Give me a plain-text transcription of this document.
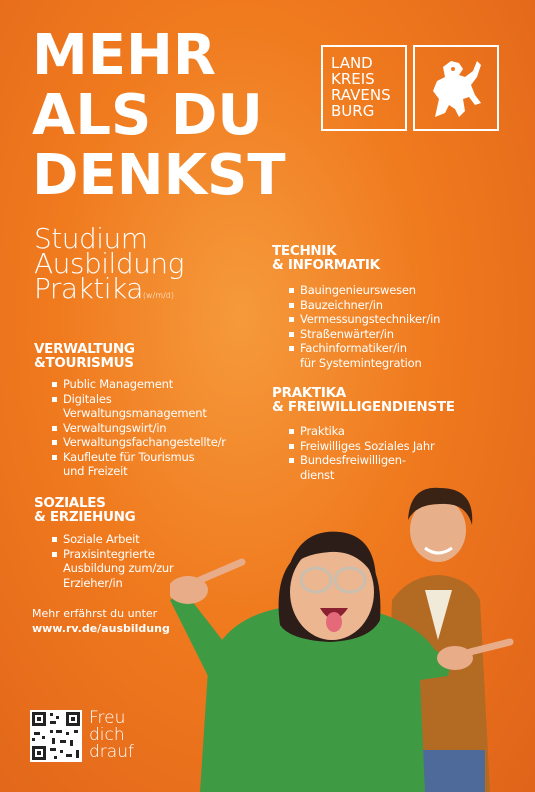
MEHR
ALS DU
DENKST
LAND
KREIS
RAVENS
BURG
Studium
Ausbildung
Praktika(w/m/d)
VERWALTUNG
&TOURISMUS
Public Management
Digitales
Verwaltungsmanagement
Verwaltungswirt/in
Verwaltungsfachangestellte/r
Kaufleute für Tourismus
und Freizeit
SOZIALES
& ERZIEHUNG
Soziale Arbeit
Praxisintegrierte
Ausbildung zum/zur
Erzieher/in
TECHNIK
& INFORMATIK
Bauingenieurswesen
Bauzeichner/in
Vermessungstechniker/in
Straßenwärter/in
Fachinformatiker/in
für Systemintegration
PRAKTIKA
& FREIWILLIGENDIENSTE
Praktika
Freiwilliges Soziales Jahr
Bundesfreiwilligen-
dienst
Mehr erfährst du unter
www.rv.de/ausbildung
Freu
dich
drauf
